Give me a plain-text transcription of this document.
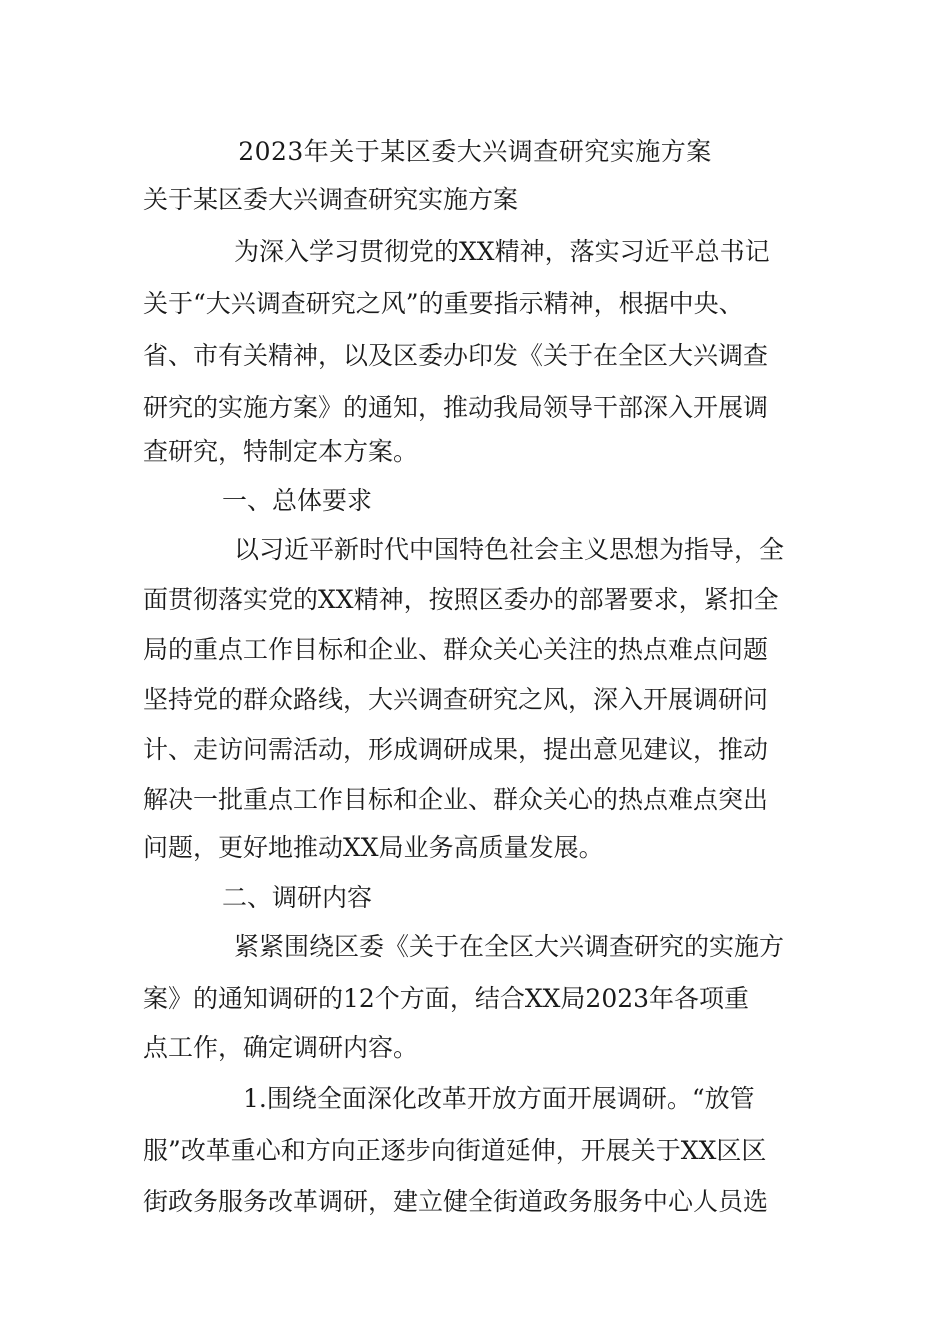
2023年关于某区委大兴调查研究实施方案
关于某区委大兴调查研究实施方案
为深入学习贯彻党的XX精神，落实习近平总书记
关于“大兴调查研究之风”的重要指示精神，根据中央、
省、市有关精神，以及区委办印发《关于在全区大兴调查
研究的实施方案》的通知，推动我局领导干部深入开展调
查研究，特制定本方案。
一、总体要求
以习近平新时代中国特色社会主义思想为指导，全
面贯彻落实党的XX精神，按照区委办的部署要求，紧扣全
局的重点工作目标和企业、群众关心关注的热点难点问题
坚持党的群众路线，大兴调查研究之风，深入开展调研问
计、走访问需活动，形成调研成果，提出意见建议，推动
解决一批重点工作目标和企业、群众关心的热点难点突出
问题，更好地推动XX局业务高质量发展。
二、调研内容
紧紧围绕区委《关于在全区大兴调查研究的实施方
案》的通知调研的12个方面，结合XX局2023年各项重
点工作，确定调研内容。
1.围绕全面深化改革开放方面开展调研。“放管
服”改革重心和方向正逐步向街道延伸，开展关于XX区区
街政务服务改革调研，建立健全街道政务服务中心人员选
